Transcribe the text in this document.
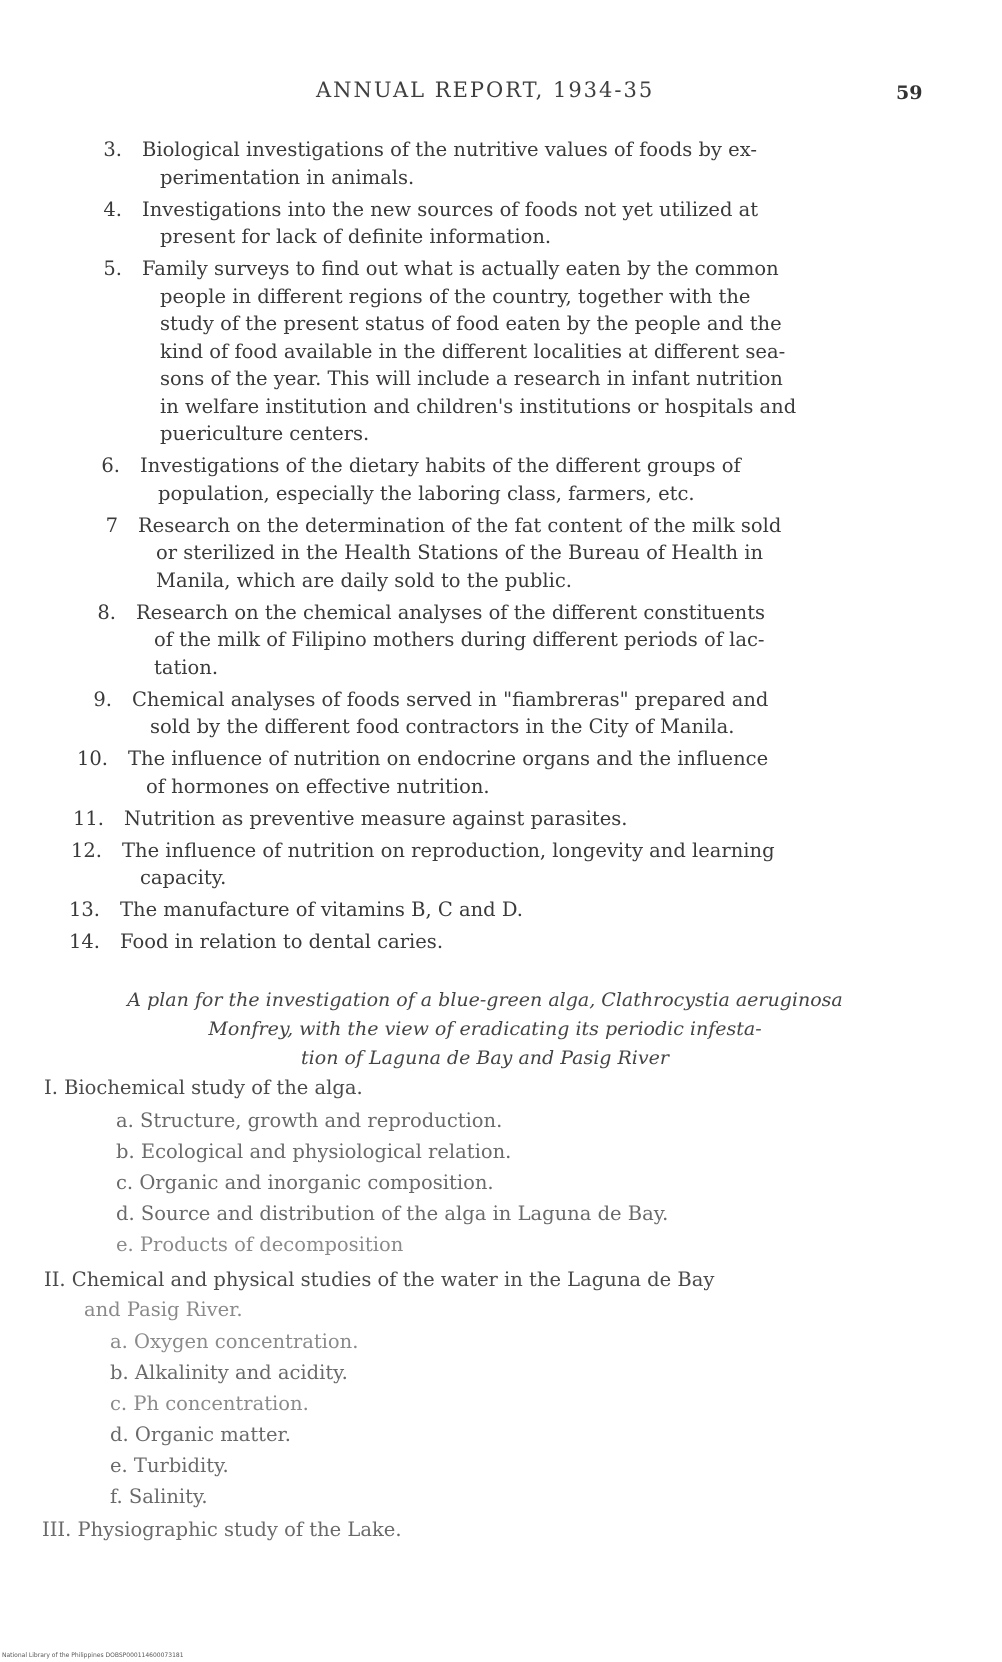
ANNUAL REPORT, 1934-35	59
3. Biological investigations of the nutritive values of foods by ex-
perimentation in animals.
4. Investigations into the new sources of foods not yet utilized at
present for lack of definite information.
5. Family surveys to find out what is actually eaten by the common
people in different regions of the country, together with the
study of the present status of food eaten by the people and the
kind of food available in the different localities at different sea-
sons of the year. This will include a research in infant nutrition
in welfare institution and children's institutions or hospitals and
puericulture centers.
6. Investigations of the dietary habits of the different groups of
population, especially the laboring class, farmers, etc.
7 Research on the determination of the fat content of the milk sold
or sterilized in the Health Stations of the Bureau of Health in
Manila, which are daily sold to the public.
8. Research on the chemical analyses of the different constituents
of the milk of Filipino mothers during different periods of lac-
tation.
9. Chemical analyses of foods served in "fiambreras" prepared and
sold by the different food contractors in the City of Manila.
10. The influence of nutrition on endocrine organs and the influence
of hormones on effective nutrition.
11. Nutrition as preventive measure against parasites.
12. The influence of nutrition on reproduction, longevity and learning
capacity.
13. The manufacture of vitamins B, C and D.
14. Food in relation to dental caries.
A plan for the investigation of a blue-green alga, Clathrocystia aeruginosa
Monfrey, with the view of eradicating its periodic infesta-
tion of Laguna de Bay and Pasig River
I. Biochemical study of the alga.
a. Structure, growth and reproduction.
b. Ecological and physiological relation.
c. Organic and inorganic composition.
d. Source and distribution of the alga in Laguna de Bay.
e. Products of decomposition
II. Chemical and physical studies of the water in the Laguna de Bay
and Pasig River.
a. Oxygen concentration.
b. Alkalinity and acidity.
c. Ph concentration.
d. Organic matter.
e. Turbidity.
f. Salinity.
III. Physiographic study of the Lake.
National Library of the Philippines DOBSP000114600073181
